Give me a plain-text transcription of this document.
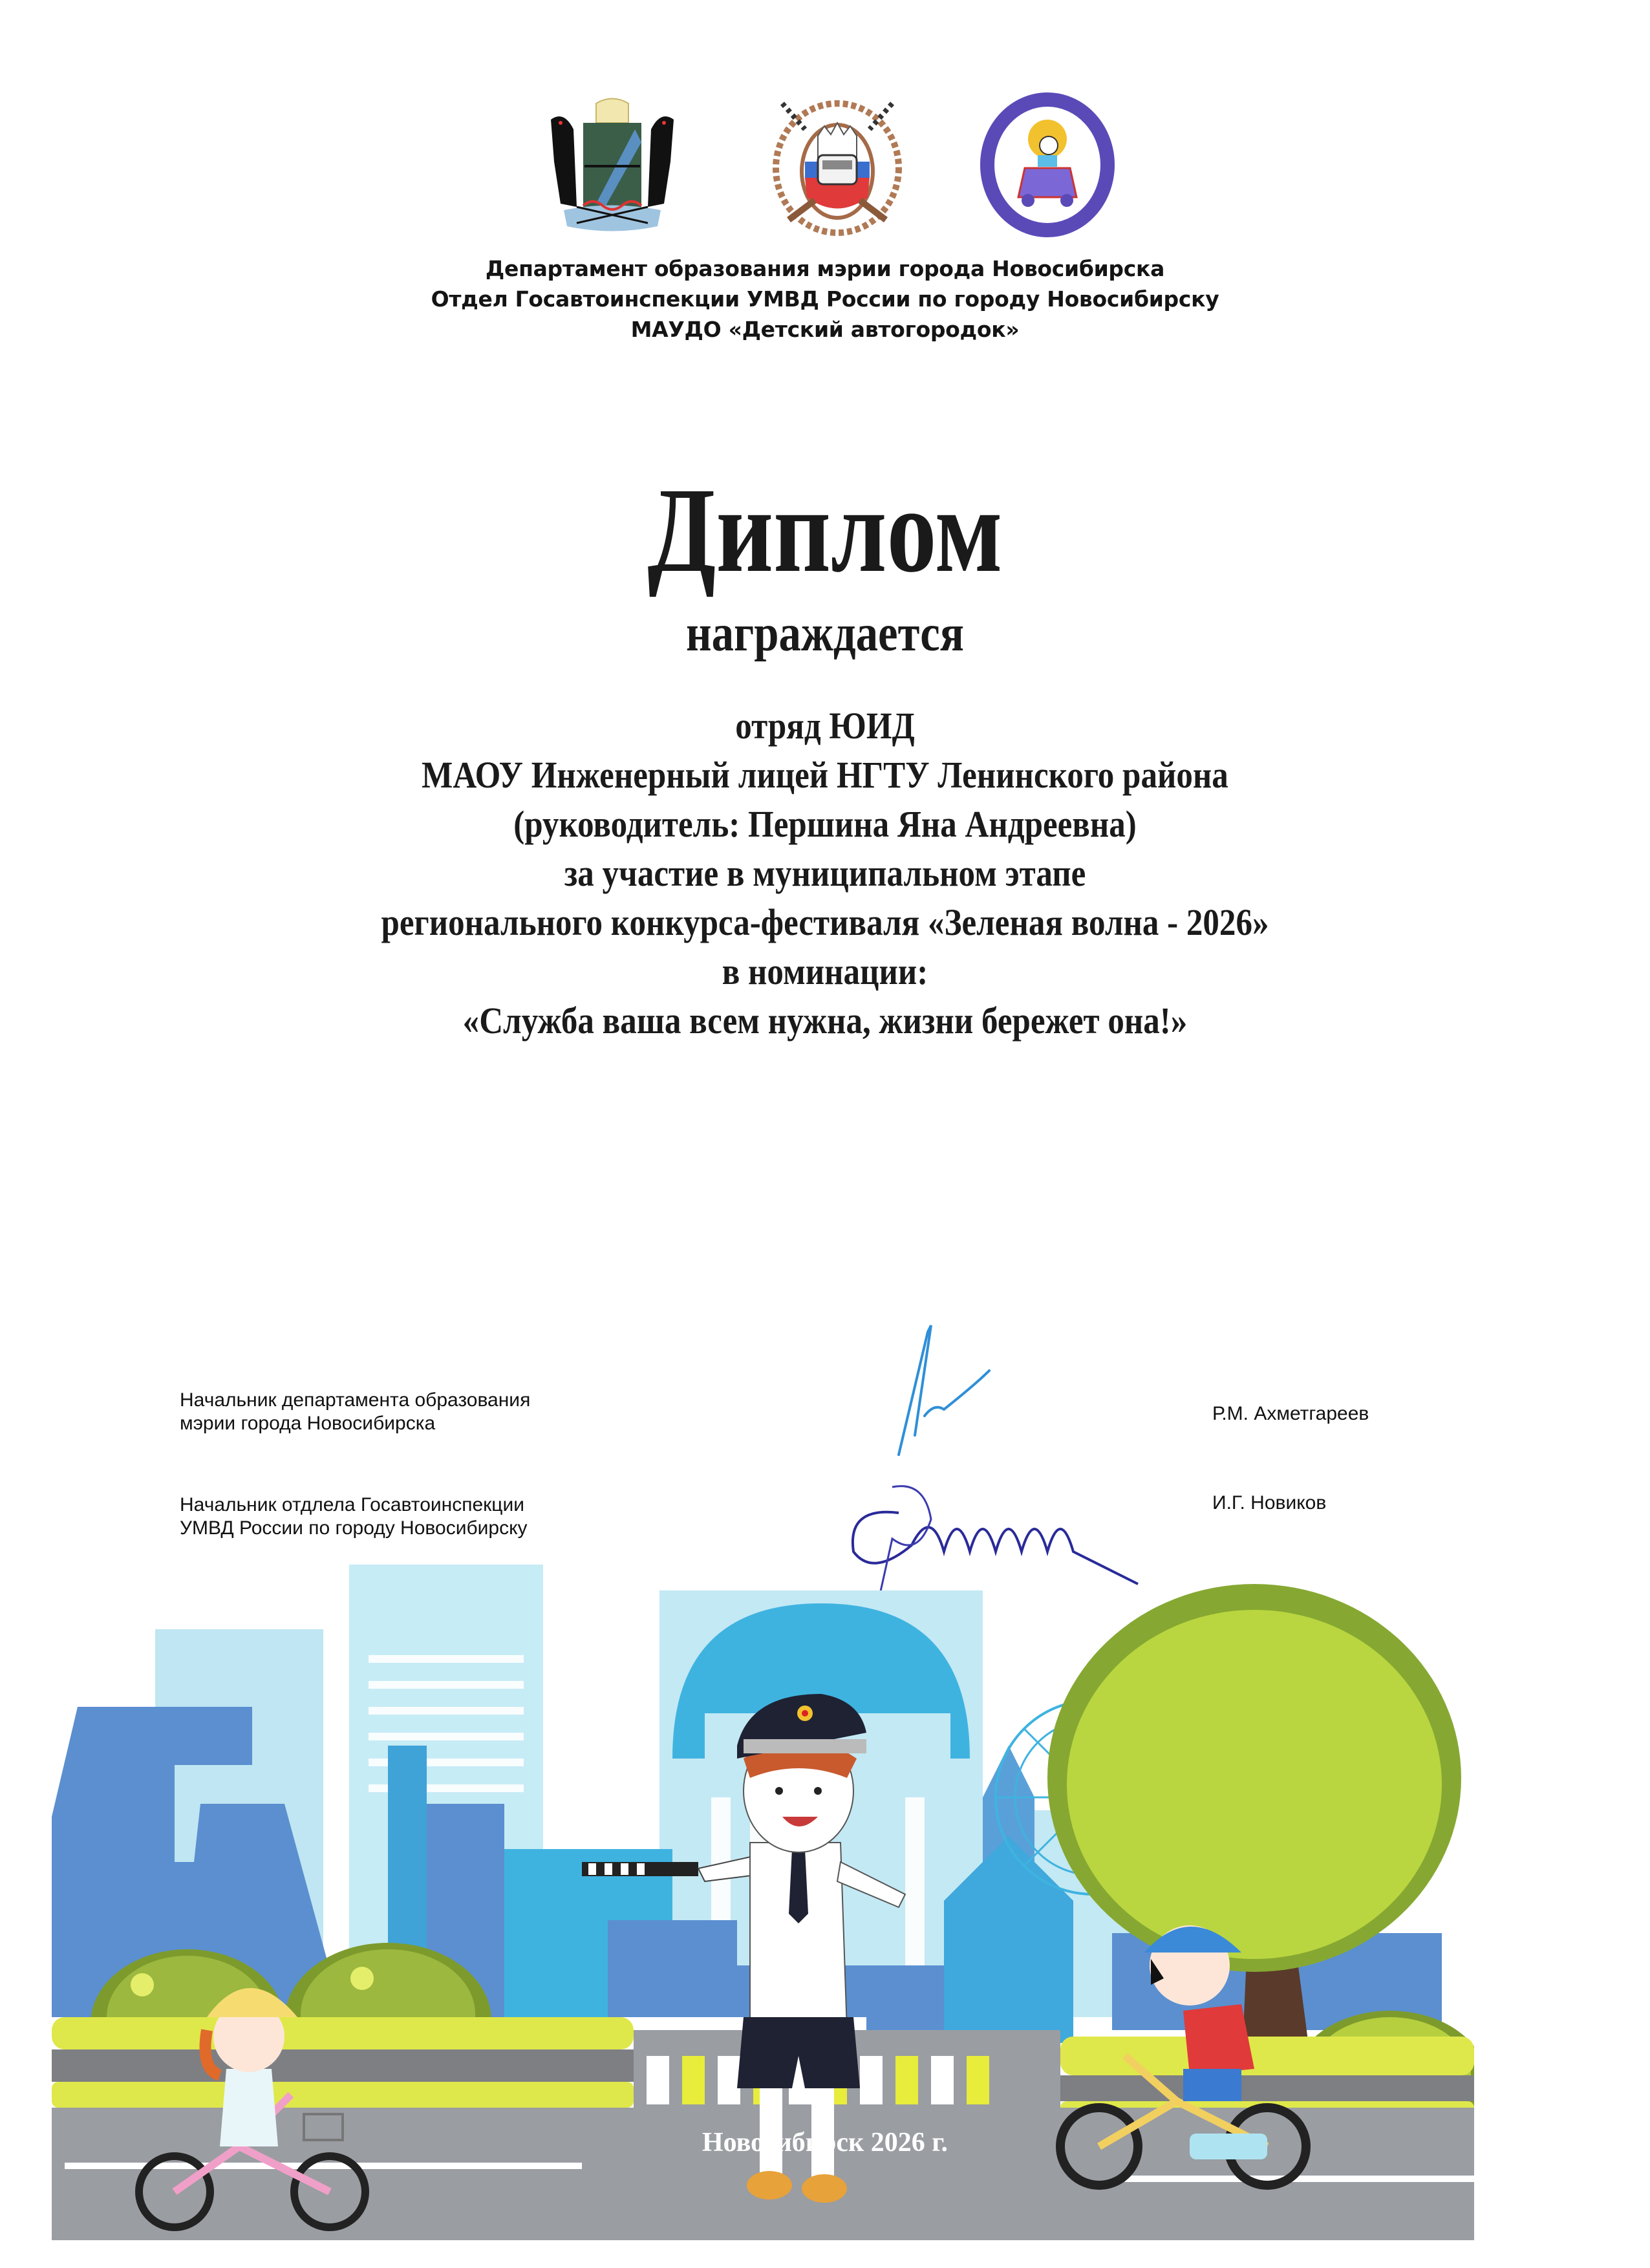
Департамент образования мэрии города Новосибирска
Отдел Госавтоинспекции УМВД России по городу Новосибирску
МАУДО «Детский автогородок»
Диплом
награждается
отряд ЮИД
МАОУ Инженерный лицей НГТУ Ленинского района
(руководитель: Першина Яна Андреевна)
за участие в муниципальном этапе
регионального конкурса-фестиваля «Зеленая волна - 2026»
в номинации:
«Служба ваша всем нужна, жизни бережет она!»
Начальник департамента образования
мэрии города Новосибирска	Р.М. Ахметгареев
Начальник отдлела Госавтоинспекции
УМВД России по городу Новосибирску
И.Г. Новиков
Новосибирск 2026 г.
